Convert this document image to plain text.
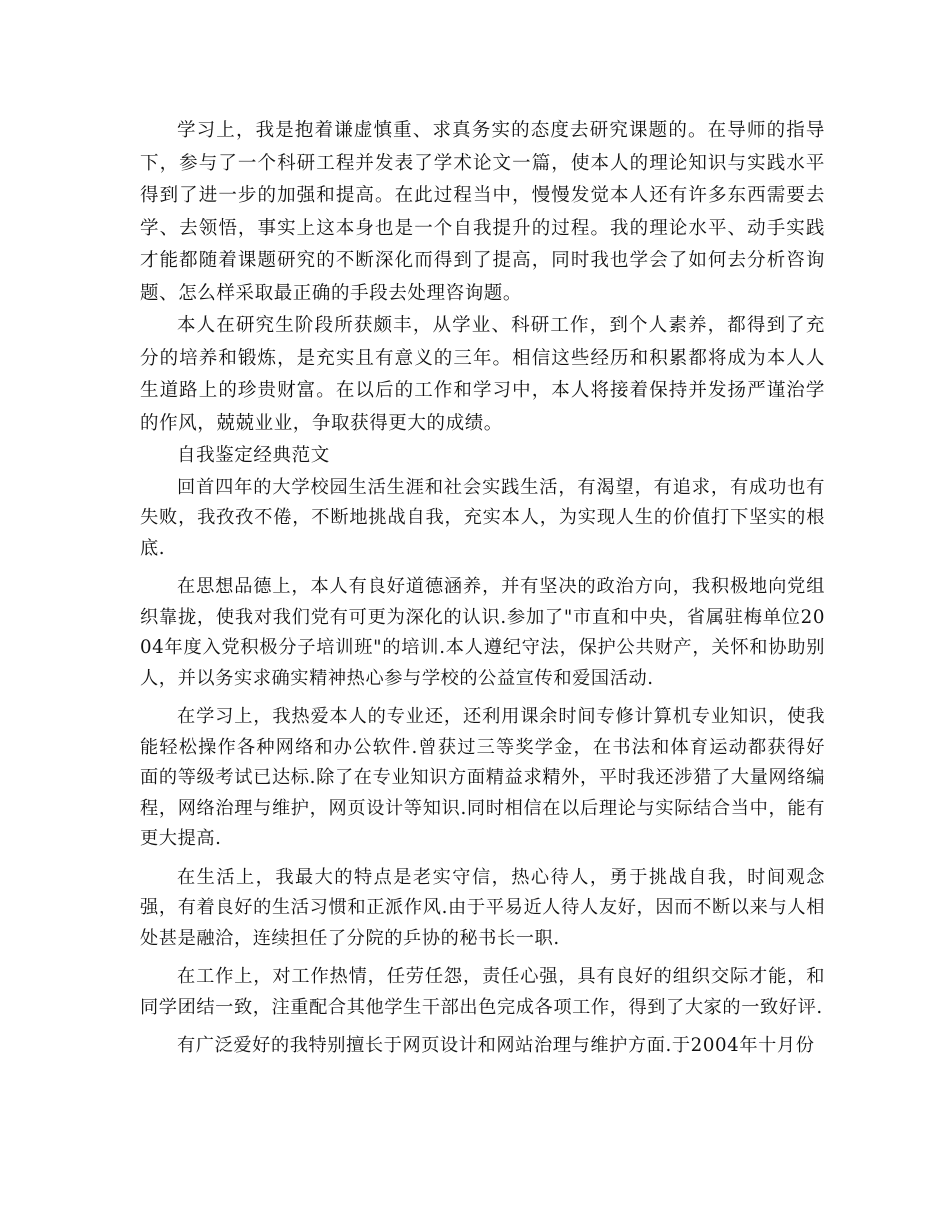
学习上，我是抱着谦虚慎重、求真务实的态度去研究课题的。在导师的指导下，参与了一个科研工程并发表了学术论文一篇，使本人的理论知识与实践水平得到了进一步的加强和提高。在此过程当中，慢慢发觉本人还有许多东西需要去学、去领悟，事实上这本身也是一个自我提升的过程。我的理论水平、动手实践才能都随着课题研究的不断深化而得到了提高，同时我也学会了如何去分析咨询题、怎么样采取最正确的手段去处理咨询题。

本人在研究生阶段所获颇丰，从学业、科研工作，到个人素养，都得到了充分的培养和锻炼，是充实且有意义的三年。相信这些经历和积累都将成为本人人生道路上的珍贵财富。在以后的工作和学习中，本人将接着保持并发扬严谨治学的作风，兢兢业业，争取获得更大的成绩。

自我鉴定经典范文

回首四年的大学校园生活生涯和社会实践生活，有渴望，有追求，有成功也有失败，我孜孜不倦，不断地挑战自我，充实本人，为实现人生的价值打下坚实的根底.

在思想品德上，本人有良好道德涵养，并有坚决的政治方向，我积极地向党组织靠拢，使我对我们党有可更为深化的认识.参加了"市直和中央，省属驻梅单位2004年度入党积极分子培训班"的培训.本人遵纪守法，保护公共财产，关怀和协助别人，并以务实求确实精神热心参与学校的公益宣传和爱国活动.

在学习上，我热爱本人的专业还，还利用课余时间专修计算机专业知识，使我能轻松操作各种网络和办公软件.曾获过三等奖学金，在书法和体育运动都获得好 面的等级考试已达标.除了在专业知识方面精益求精外，平时我还涉猎了大量网络编程，网络治理与维护，网页设计等知识.同时相信在以后理论与实际结合当中，能有更大提高.

在生活上，我最大的特点是老实守信，热心待人，勇于挑战自我，时间观念强，有着良好的生活习惯和正派作风.由于平易近人待人友好，因而不断以来与人相处甚是融洽，连续担任了分院的乒协的秘书长一职.

在工作上，对工作热情，任劳任怨，责任心强，具有良好的组织交际才能，和同学团结一致，注重配合其他学生干部出色完成各项工作，得到了大家的一致好评.

有广泛爱好的我特别擅长于网页设计和网站治理与维护方面.于2004年十月份
